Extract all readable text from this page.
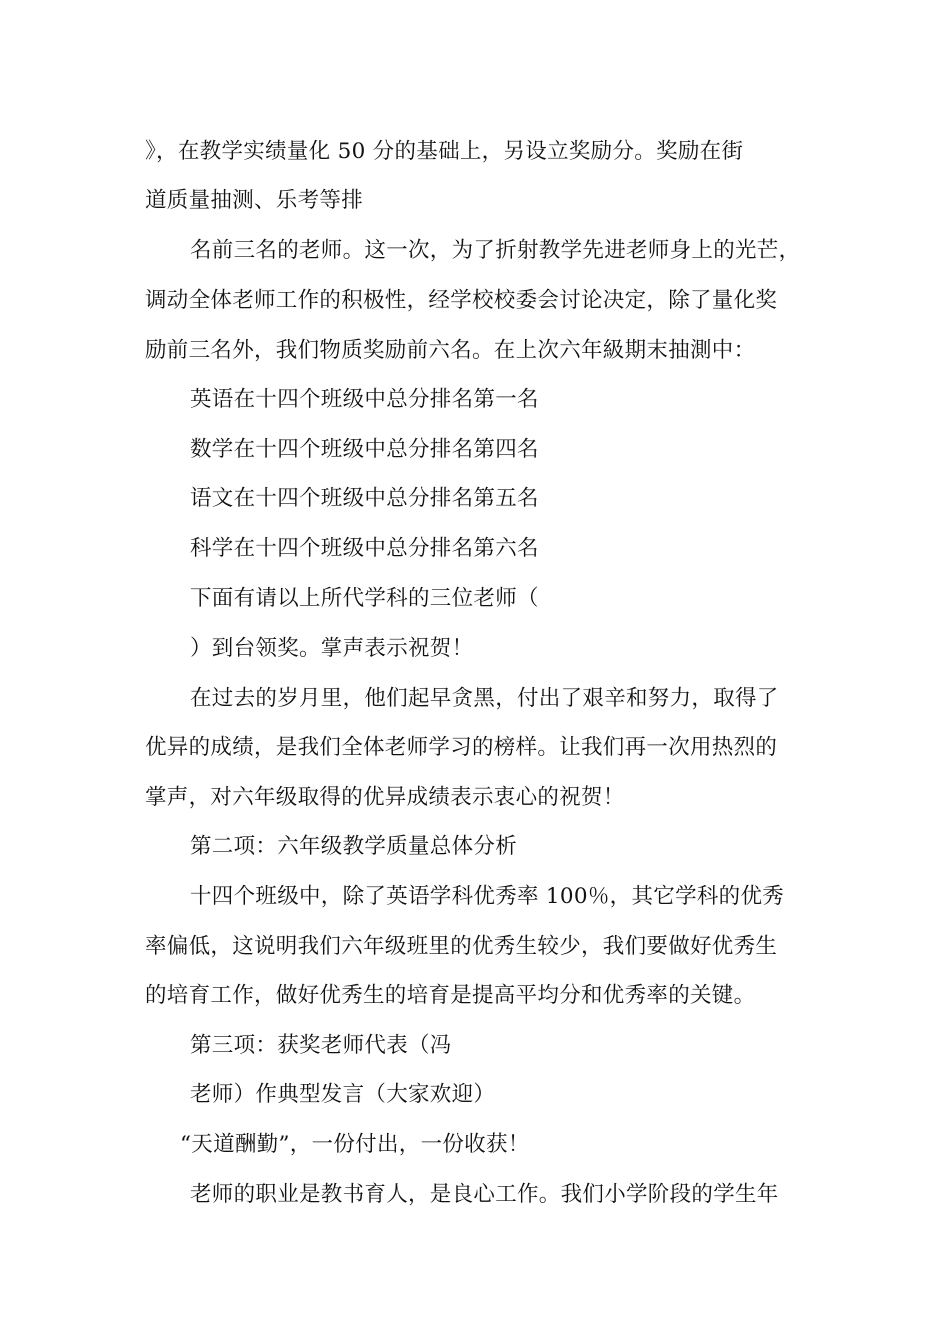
》，在教学实绩量化 50 分的基础上，另设立奖励分。奖励在街
道质量抽测、乐考等排
名前三名的老师。这一次，为了折射教学先进老师身上的光芒，
调动全体老师工作的积极性，经学校校委会讨论决定，除了量化奖
励前三名外，我们物质奖励前六名。在上次六年級期末抽測中：
英语在十四个班级中总分排名第一名
数学在十四个班级中总分排名第四名
语文在十四个班级中总分排名第五名
科学在十四个班级中总分排名第六名
下面有请以上所代学科的三位老师（
）到台领奖。掌声表示祝贺！
在过去的岁月里，他们起早贪黑，付出了艰辛和努力，取得了
优异的成绩，是我们全体老师学习的榜样。让我们再一次用热烈的
掌声，对六年级取得的优异成绩表示衷心的祝贺！
第二项：六年级教学质量总体分析
十四个班级中，除了英语学科优秀率 100％，其它学科的优秀
率偏低，这说明我们六年级班里的优秀生较少，我们要做好优秀生
的培育工作，做好优秀生的培育是提高平均分和优秀率的关键。
第三项：获奖老师代表（冯
老师）作典型发言（大家欢迎）
“天道酬勤”，一份付出，一份收获！
老师的职业是教书育人，是良心工作。我们小学阶段的学生年
